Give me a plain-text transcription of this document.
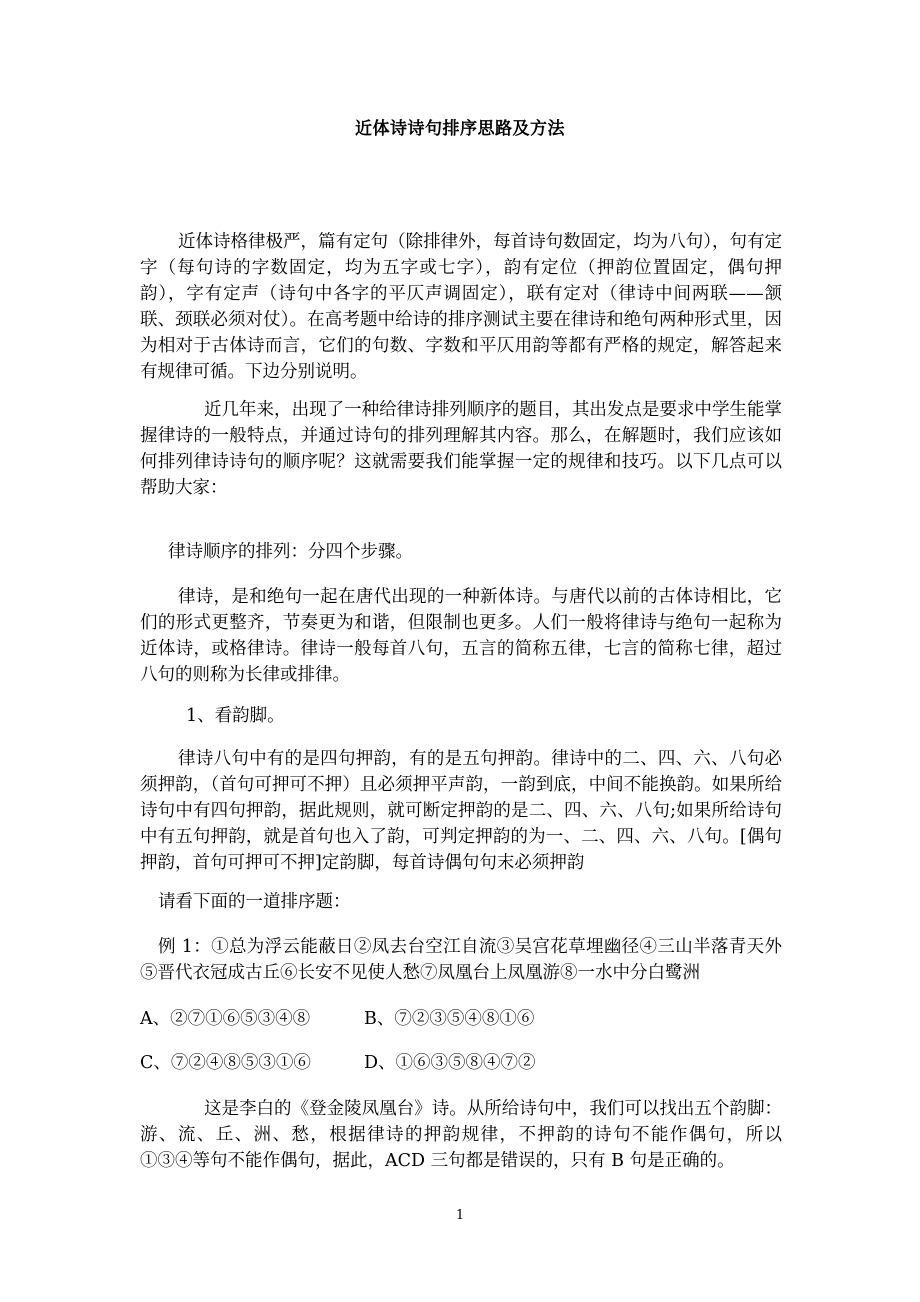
近体诗诗句排序思路及方法

近体诗格律极严，篇有定句（除排律外，每首诗句数固定，均为八句），句有定字（每句诗的字数固定，均为五字或七字），韵有定位（押韵位置固定，偶句押韵），字有定声（诗句中各字的平仄声调固定），联有定对（律诗中间两联——颔联、颈联必须对仗）。在高考题中给诗的排序测试主要在律诗和绝句两种形式里，因为相对于古体诗而言，它们的句数、字数和平仄用韵等都有严格的规定，解答起来有规律可循。下边分别说明。

近几年来，出现了一种给律诗排列顺序的题目，其出发点是要求中学生能掌握律诗的一般特点，并通过诗句的排列理解其内容。那么，在解题时，我们应该如何排列律诗诗句的顺序呢？这就需要我们能掌握一定的规律和技巧。以下几点可以帮助大家：

律诗顺序的排列：分四个步骤。

律诗，是和绝句一起在唐代出现的一种新体诗。与唐代以前的古体诗相比，它们的形式更整齐，节奏更为和谐，但限制也更多。人们一般将律诗与绝句一起称为近体诗，或格律诗。律诗一般每首八句，五言的简称五律，七言的简称七律，超过八句的则称为长律或排律。

1、看韵脚。

律诗八句中有的是四句押韵，有的是五句押韵。律诗中的二、四、六、八句必须押韵，（首句可押可不押）且必须押平声韵，一韵到底，中间不能换韵。如果所给诗句中有四句押韵，据此规则，就可断定押韵的是二、四、六、八句;如果所给诗句中有五句押韵，就是首句也入了韵，可判定押韵的为一、二、四、六、八句。[偶句押韵，首句可押可不押]定韵脚，每首诗偶句句末必须押韵

请看下面的一道排序题：

例 1：①总为浮云能蔽日②凤去台空江自流③吴宫花草埋幽径④三山半落青天外⑤晋代衣冠成古丘⑥长安不见使人愁⑦凤凰台上凤凰游⑧一水中分白鹭洲

A、②⑦①⑥⑤③④⑧	B、⑦②③⑤④⑧①⑥
C、⑦②④⑧⑤③①⑥	D、①⑥③⑤⑧④⑦②

这是李白的《登金陵凤凰台》诗。从所给诗句中，我们可以找出五个韵脚：游、流、丘、洲、愁，根据律诗的押韵规律，不押韵的诗句不能作偶句，所以①③④等句不能作偶句，据此，ACD 三句都是错误的，只有 B 句是正确的。

1
